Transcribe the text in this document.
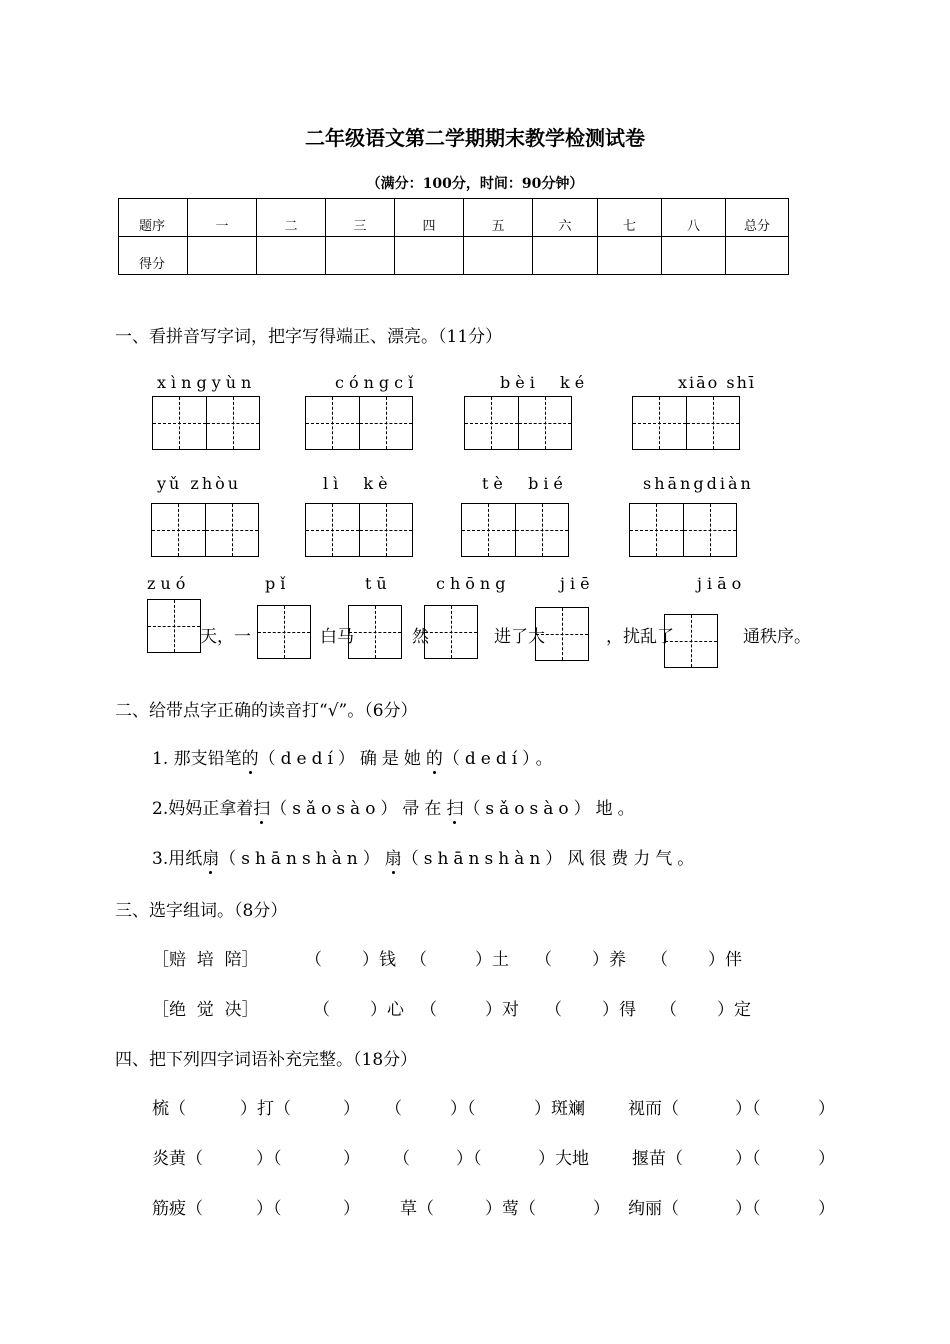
二年级语文第二学期期末教学检测试卷
（满分：100分，时间：90分钟）
题序	一	二	三	四	五	六	七	八	总分

得分									

一、看拼音写字词，把字写得端正、漂亮。（11分）
xìngyùn	cóngcǐ	bèi  ké	xiāo shī
yǔ zhòu	lì  kè	tè  bié	shāngdiàn
zuó	pǐ	tū	chōng	jiē	jiāo
天，一	白马	然	进了大	，扰乱了	通秩序。
二、给带点字正确的读音打“√”。（6分）
1. 那支铅笔的（dedí）确是她的（dedí）。
2.妈妈正拿着扫（sǎosào）帚在扫（sǎosào）地。
3.用纸扇（shānshàn）扇（shānshàn）风很费力气。
三、选字组词。（8分）
［赔  培  陪］	（ ）钱 （	）土 （ ）养 （ ）伴
［绝  觉  决］	（ ）心 （	）对 （ ）得 （ ）定
四、把下列四字词语补充完整。（18分）
梳（	）打（	） （	）（	）斑斓	视而（	）（	）
炎黄（	）（	） （	）（	）大地	揠苗（	）（	）
筋疲（	）（	） 草（	）莺（	） 绚丽（	）（	）
